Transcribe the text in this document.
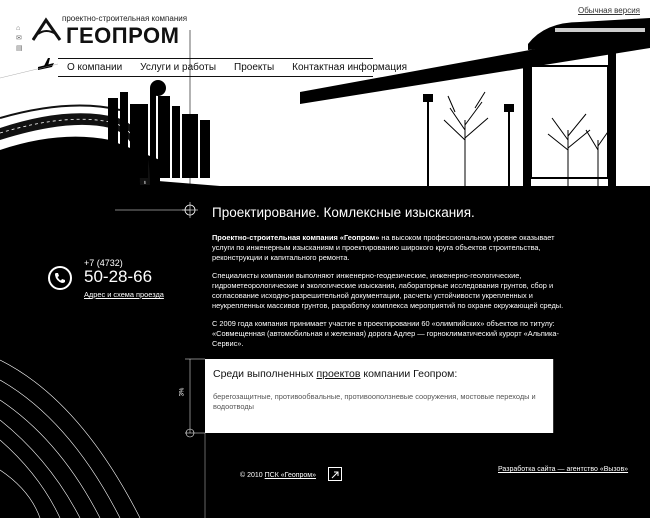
Обычная версия
⌂
✉
▤
проектно-строительная компания
ГЕОПРОМ
О компании	Услуги и работы	Проекты	Контактная информация
+7 (4732)
50-28-66
Адрес и схема проезда
Проектирование. Комлексные изыскания.

Проектно-строительная компания «Геопром» на высоком профессиональном уровне оказывает услуги по инженерным изысканиям и проектированию широкого круга объектов строительства, реконструкции и капитального ремонта.

Специалисты компании выполняют инженерно-геодезические, инженерно-геологические, гидрометеорологические и экологические изыскания, лабораторные исследования грунтов, сбор и согласование исходно-разрешительной документации, расчеты устойчивости укрепленных и неукрепленных массивов грунтов, разработку комплекса мероприятий по охране окружающей среды.

С 2009 года компания принимает участие в проектировании 60 «олимпийских» объектов по титулу: «Совмещенная (автомобильная и железная) дорога Адлер — горноклиматический курорт «Альпика-Сервис».

3%
Среди выполненных проектов компании Геопром:
берегозащитные, противообвальные, противооползневые сооружения, мостовые переходы и водоотводы
© 2010 ПСК «Геопром»
Разработка сайта — агентство «Вызов»
